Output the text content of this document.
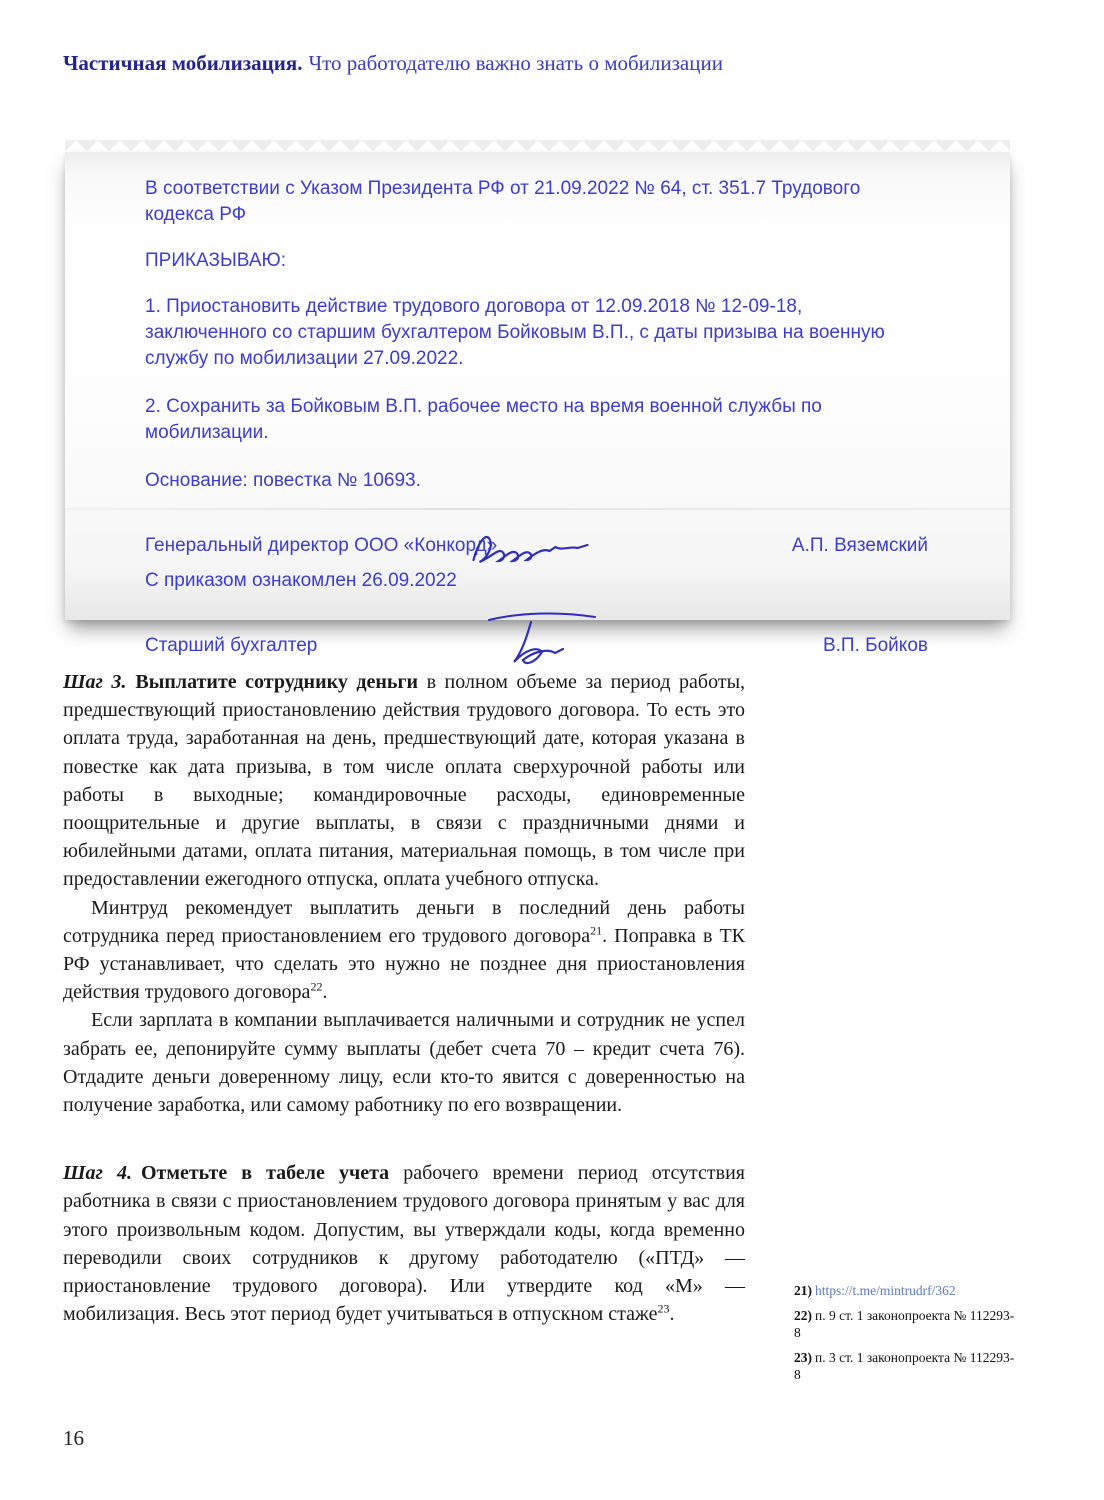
Частичная мобилизация. Что работодателю важно знать о мобилизации

В соответствии с Указом Президента РФ от 21.09.2022 № 64, ст. 351.7 Трудового кодекса РФ

ПРИКАЗЫВАЮ:

1. Приостановить действие трудового договора от 12.09.2018 № 12-09-18, заключенного со старшим бухгалтером Бойковым В.П., с даты призыва на военную службу по мобилизации 27.09.2022.

2. Сохранить за Бойковым В.П. рабочее место на время военной службы по мобилизации.

Основание: повестка № 10693.

Генеральный директор ООО «Конкорд»	А.П. Вяземский

С приказом ознакомлен 26.09.2022

Старший бухгалтер	В.П. Бойков

Шаг 3. Выплатите сотруднику деньги в полном объеме за период работы, предшествующий приостановлению действия трудового договора. То есть это оплата труда, заработанная на день, предшествующий дате, которая указана в повестке как дата призыва, в том числе оплата сверхурочной работы или работы в выходные; командировочные расходы, единовременные поощрительные и другие выплаты, в связи с праздничными днями и юбилейными датами, оплата питания, материальная помощь, в том числе при предоставлении ежегодного отпуска, оплата учебного отпуска.

Минтруд рекомендует выплатить деньги в последний день работы сотрудника перед приостановлением его трудового договора$^{21}$. Поправка в ТК РФ устанавливает, что сделать это нужно не позднее дня приостановления действия трудового договора$^{22}$.

Если зарплата в компании выплачивается наличными и сотрудник не успел забрать ее, депонируйте сумму выплаты (дебет счета 70 – кредит счета 76). Отдадите деньги доверенному лицу, если кто-то явится с доверенностью на получение заработка, или самому работнику по его возвращении.

Шаг 4. Отметьте в табеле учета рабочего времени период отсутствия работника в связи с приостановлением трудового договора принятым у вас для этого произвольным кодом. Допустим, вы утверждали коды, когда временно переводили своих сотрудников к другому работодателю («ПТД» — приостановление трудового договора). Или утвердите код «М» — мобилизация. Весь этот период будет учитываться в отпускном стаже$^{23}$.

21) https://t.me/mintrudrf/362
22) п. 9 ст. 1 законопроекта № 112293-8
23) п. 3 ст. 1 законопроекта № 112293-8
16
